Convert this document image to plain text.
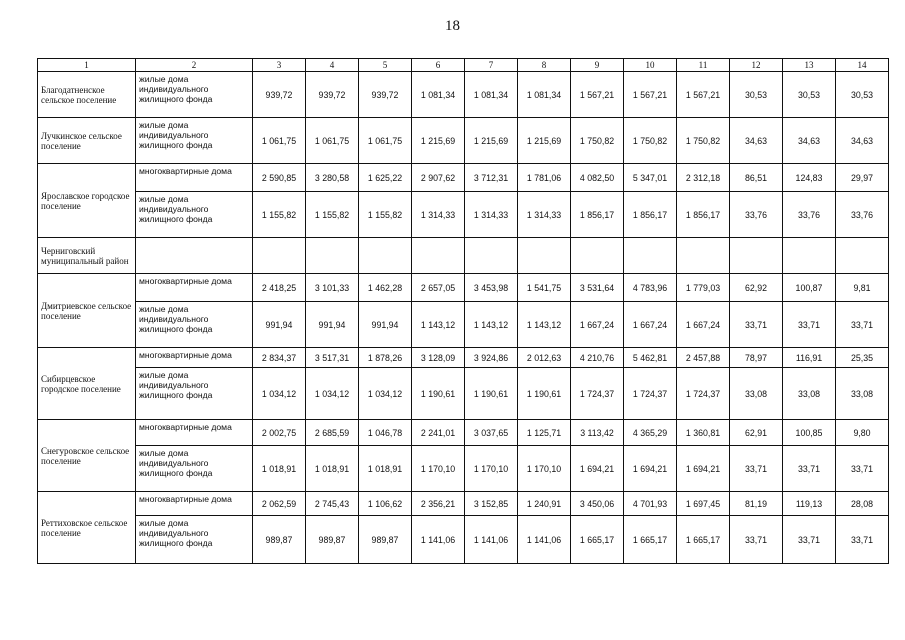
18
1	2	3	4	5	6	7	8	9	10	11	12	13	14
Благодатненское сельское поселение	жилые дома индивидуального жилищного фонда	939,72	939,72	939,72	1 081,34	1 081,34	1 081,34	1 567,21	1 567,21	1 567,21	30,53	30,53	30,53
Лучкинское сельское поселение	жилые дома индивидуального жилищного фонда	1 061,75	1 061,75	1 061,75	1 215,69	1 215,69	1 215,69	1 750,82	1 750,82	1 750,82	34,63	34,63	34,63
Ярославское городское поселение	многоквартирные дома	2 590,85	3 280,58	1 625,22	2 907,62	3 712,31	1 781,06	4 082,50	5 347,01	2 312,18	86,51	124,83	29,97
	жилые дома индивидуального жилищного фонда	1 155,82	1 155,82	1 155,82	1 314,33	1 314,33	1 314,33	1 856,17	1 856,17	1 856,17	33,76	33,76	33,76
Черниговский муниципальный район													
Дмитриевское сельское поселение	многоквартирные дома	2 418,25	3 101,33	1 462,28	2 657,05	3 453,98	1 541,75	3 531,64	4 783,96	1 779,03	62,92	100,87	9,81
	жилые дома индивидуального жилищного фонда	991,94	991,94	991,94	1 143,12	1 143,12	1 143,12	1 667,24	1 667,24	1 667,24	33,71	33,71	33,71
Сибирцевское городское поселение	многоквартирные дома	2 834,37	3 517,31	1 878,26	3 128,09	3 924,86	2 012,63	4 210,76	5 462,81	2 457,88	78,97	116,91	25,35
	жилые дома индивидуального жилищного фонда	1 034,12	1 034,12	1 034,12	1 190,61	1 190,61	1 190,61	1 724,37	1 724,37	1 724,37	33,08	33,08	33,08
Снегуровское сельское поселение	многоквартирные дома	2 002,75	2 685,59	1 046,78	2 241,01	3 037,65	1 125,71	3 113,42	4 365,29	1 360,81	62,91	100,85	9,80
	жилые дома индивидуального жилищного фонда	1 018,91	1 018,91	1 018,91	1 170,10	1 170,10	1 170,10	1 694,21	1 694,21	1 694,21	33,71	33,71	33,71
Реттиховское сельское поселение	многоквартирные дома	2 062,59	2 745,43	1 106,62	2 356,21	3 152,85	1 240,91	3 450,06	4 701,93	1 697,45	81,19	119,13	28,08
	жилые дома индивидуального жилищного фонда	989,87	989,87	989,87	1 141,06	1 141,06	1 141,06	1 665,17	1 665,17	1 665,17	33,71	33,71	33,71
